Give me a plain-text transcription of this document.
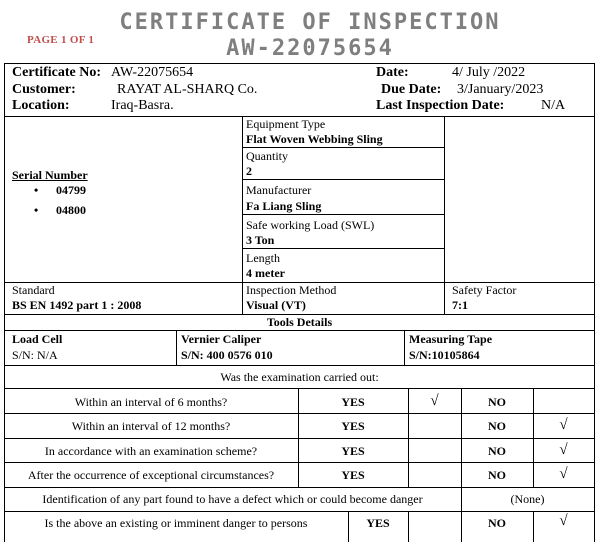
PAGE 1 OF 1
CERTIFICATE OF INSPECTION
AW-22075654
Certificate No: AW-22075654
Customer:	RAYAT AL-SHARQ Co.
Location:	Iraq-Basra.
Date:	4/ July /2022
Due Date: 3/January/2023
Last Inspection Date:	N/A
Serial Number
• 04799
• 04800
Equipment Type
Flat Woven Webbing Sling
Quantity
2
Manufacturer
Fa Liang Sling
Safe working Load (SWL)
3 Ton
Length
4 meter
Standard
BS EN 1492 part 1 : 2008
Inspection Method
Visual (VT)
Safety Factor
7:1
Tools Details
Load Cell
S/N: N/A
Vernier Caliper
S/N: 400 0576 010
Measuring Tape
S/N:10105864
Was the examination carried out:
Within an interval of 6 months?	YES	√	NO
Within an interval of 12 months?	YES	NO	√
In accordance with an examination scheme?	YES	NO	√
After the occurrence of exceptional circumstances?	YES	NO	√
Identification of any part found to have a defect which or could become danger	(None)
Is the above an existing or imminent danger to persons	YES	NO	√
